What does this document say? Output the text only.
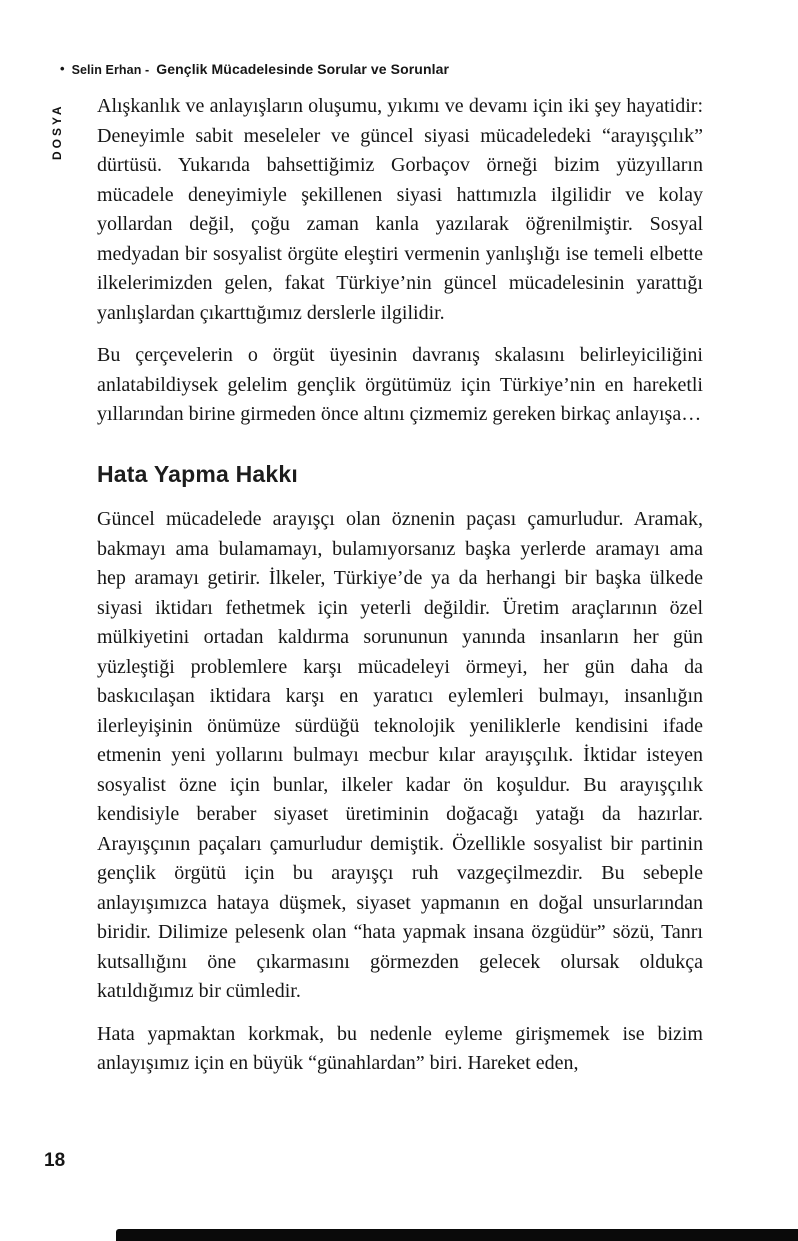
• Selin Erhan - Gençlik Mücadelesinde Sorular ve Sorunlar
DOSYA Alışkanlık ve anlayışların oluşumu, yıkımı ve devamı için iki şey hayatidir: Deneyimle sabit meseleler ve güncel siyasi mücadeledeki “arayışçılık” dürtüsü. Yukarıda bahsettiğimiz Gorbaçov örneği bizim yüzyılların mücadele deneyimiyle şekillenen siyasi hattımızla ilgilidir ve kolay yollardan değil, çoğu zaman kanla yazılarak öğrenilmiştir. Sosyal medyadan bir sosyalist örgüte eleştiri vermenin yanlışlığı ise temeli elbette ilkelerimizden gelen, fakat Türkiye’nin güncel mücadelesinin yarattığı yanlışlardan çıkarttığımız derslerle ilgilidir.

Bu çerçevelerin o örgüt üyesinin davranış skalasını belirleyiciliğini anlatabildiysek gelelim gençlik örgütümüz için Türkiye’nin en hareketli yıllarından birine girmeden önce altını çizmemiz gereken birkaç anlayışa…

Hata Yapma Hakkı

Güncel mücadelede arayışçı olan öznenin paçası çamurludur. Aramak, bakmayı ama bulamamayı, bulamıyorsanız başka yerlerde aramayı ama hep aramayı getirir. İlkeler, Türkiye’de ya da herhangi bir başka ülkede siyasi iktidarı fethetmek için yeterli değildir. Üretim araçlarının özel mülkiyetini ortadan kaldırma sorununun yanında insanların her gün yüzleştiği problemlere karşı mücadeleyi örmeyi, her gün daha da baskıcılaşan iktidara karşı en yaratıcı eylemleri bulmayı, insanlığın ilerleyişinin önümüze sürdüğü teknolojik yeniliklerle kendisini ifade etmenin yeni yollarını bulmayı mecbur kılar arayışçılık. İktidar isteyen sosyalist özne için bunlar, ilkeler kadar ön koşuldur. Bu arayışçılık kendisiyle beraber siyaset üretiminin doğacağı yatağı da hazırlar. Arayışçının paçaları çamurludur demiştik. Özellikle sosyalist bir partinin gençlik örgütü için bu arayışçı ruh vazgeçilmezdir. Bu sebeple anlayışımızca hataya düşmek, siyaset yapmanın en doğal unsurlarından biridir. Dilimize pelesenk olan “hata yapmak insana özgüdür” sözü, Tanrı kutsallığını öne çıkarmasını görmezden gelecek olursak oldukça katıldığımız bir cümledir.

Hata yapmaktan korkmak, bu nedenle eyleme girişmemek ise bizim anlayışımız için en büyük “günahlardan” biri. Hareket eden,

18
